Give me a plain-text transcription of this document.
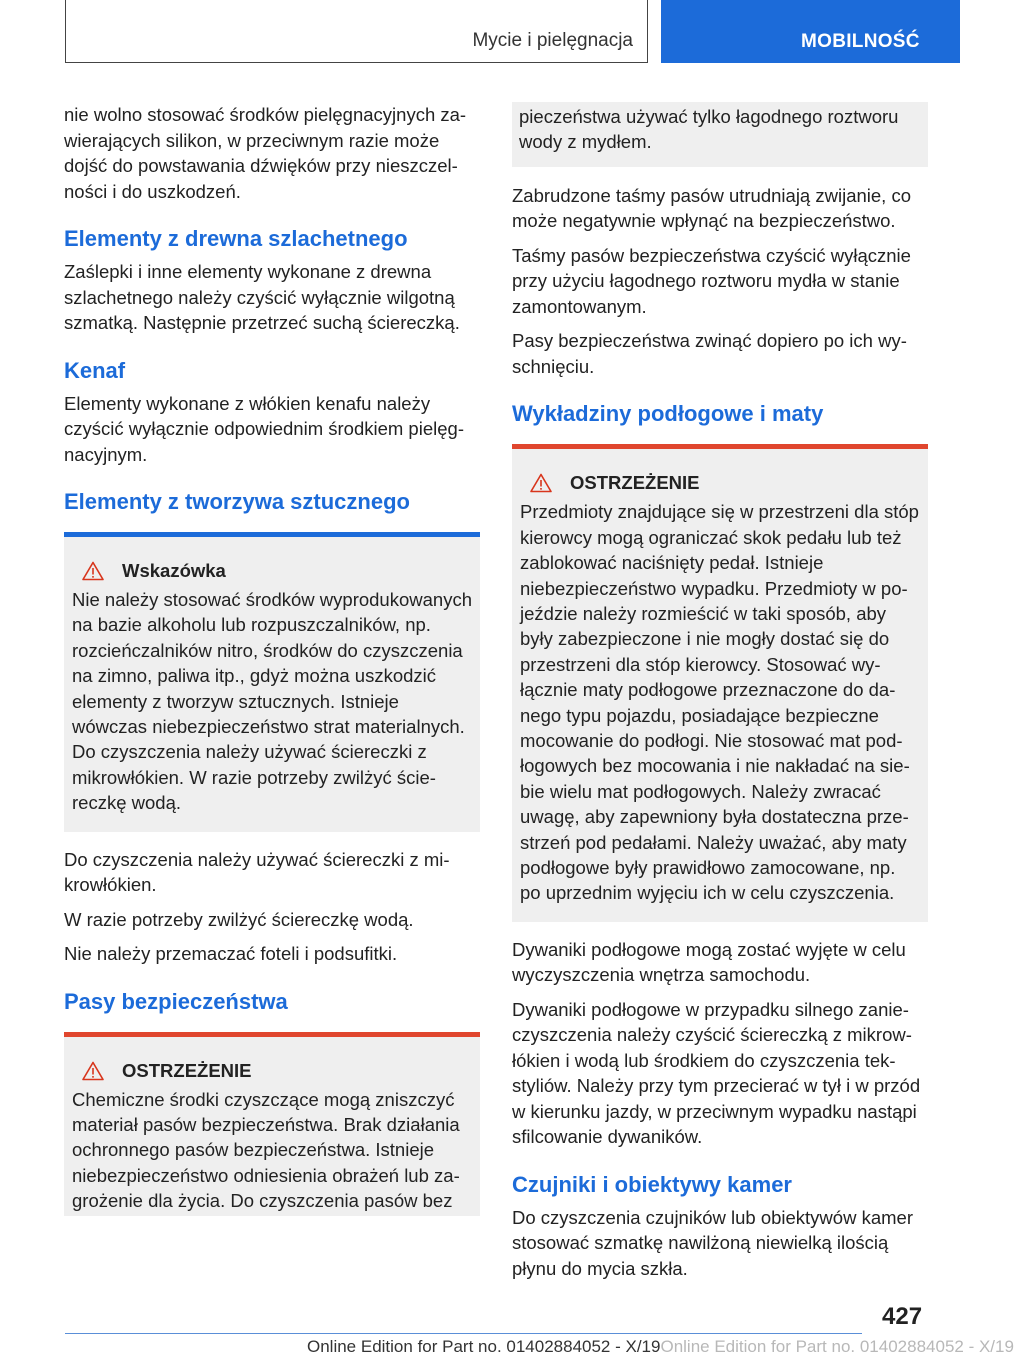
Mycie i pielęgnacja	MOBILNOŚĆ

nie wolno stosować środków pielęgnacyjnych zawierających silikon, w przeciwnym razie może dojść do powstawania dźwięków przy nieszczelności i do uszkodzeń.

Elementy z drewna szlachetnego

Zaślepki i inne elementy wykonane z drewna szlachetnego należy czyścić wyłącznie wilgotną szmatką. Następnie przetrzeć suchą ściereczką.

Kenaf

Elementy wykonane z włókien kenafu należy czyścić wyłącznie odpowiednim środkiem pielęgnacyjnym.

Elementy z tworzywa sztucznego
Wskazówka
Nie należy stosować środków wyprodukowanych na bazie alkoholu lub rozpuszczalników, np. rozcieńczalników nitro, środków do czyszczenia na zimno, paliwa itp., gdyż można uszkodzić elementy z tworzyw sztucznych. Istnieje wówczas niebezpieczeństwo strat materialnych. Do czyszczenia należy używać ściereczki z mikrowłókien. W razie potrzeby zwilżyć ściereczkę wodą.

Do czyszczenia należy używać ściereczki z mikrowłókien.

W razie potrzeby zwilżyć ściereczkę wodą.

Nie należy przemaczać foteli i podsufitki.

Pasy bezpieczeństwa
OSTRZEŻENIE
Chemiczne środki czyszczące mogą zniszczyć materiał pasów bezpieczeństwa. Brak działania ochronnego pasów bezpieczeństwa. Istnieje niebezpieczeństwo odniesienia obrażeń lub zagrożenie dla życia. Do czyszczenia pasów bez
pieczeństwa używać tylko łagodnego roztworu wody z mydłem.

Zabrudzone taśmy pasów utrudniają zwijanie, co może negatywnie wpłynąć na bezpieczeństwo.

Taśmy pasów bezpieczeństwa czyścić wyłącznie przy użyciu łagodnego roztworu mydła w stanie zamontowanym.

Pasy bezpieczeństwa zwinąć dopiero po ich wyschnięciu.

Wykładziny podłogowe i maty
OSTRZEŻENIE
Przedmioty znajdujące się w przestrzeni dla stóp kierowcy mogą ograniczać skok pedału lub też zablokować naciśnięty pedał. Istnieje niebezpieczeństwo wypadku. Przedmioty w pojeździe należy rozmieścić w taki sposób, aby były zabezpieczone i nie mogły dostać się do przestrzeni dla stóp kierowcy. Stosować wyłącznie maty podłogowe przeznaczone do danego typu pojazdu, posiadające bezpieczne mocowanie do podłogi. Nie stosować mat podłogowych bez mocowania i nie nakładać na siebie wielu mat podłogowych. Należy zwracać uwagę, aby zapewniony była dostateczna przestrzeń pod pedałami. Należy uważać, aby maty podłogowe były prawidłowo zamocowane, np. po uprzednim wyjęciu ich w celu czyszczenia.

Dywaniki podłogowe mogą zostać wyjęte w celu wyczyszczenia wnętrza samochodu.

Dywaniki podłogowe w przypadku silnego zanieczyszczenia należy czyścić ściereczką z mikrowłókien i wodą lub środkiem do czyszczenia tekstyliów. Należy przy tym przecierać w tył i w przód w kierunku jazdy, w przeciwnym wypadku nastąpi sfilcowanie dywaników.

Czujniki i obiektywy kamer

Do czyszczenia czujników lub obiektywów kamer stosować szmatkę nawilżoną niewielką ilością płynu do mycia szkła.

427
Online Edition for Part no. 01402884052 - X/19Online Edition for Part no. 01402884052 - X/19
